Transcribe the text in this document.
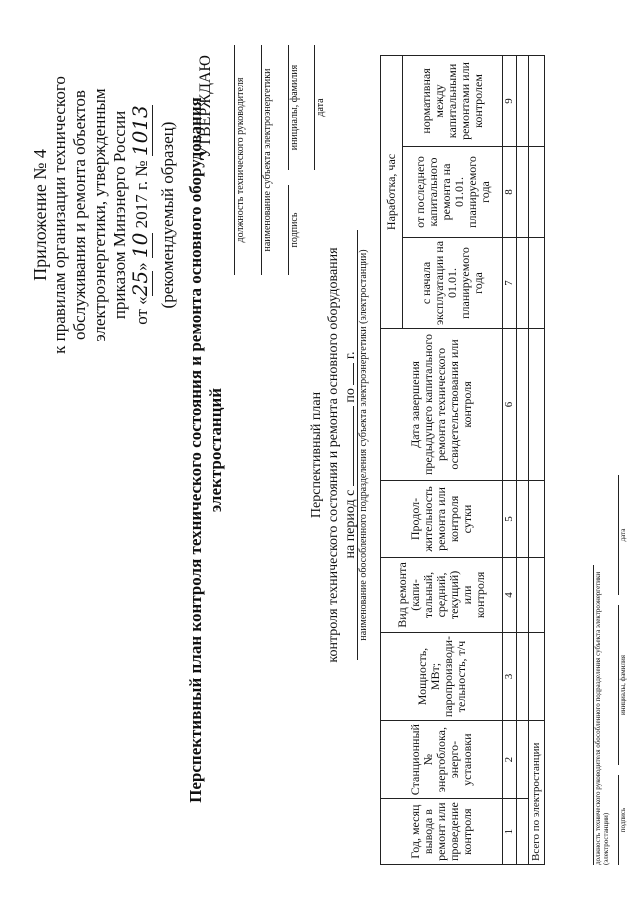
Приложение № 4 к правилам организации технического обслуживания и ремонта объектов электроэнергетики, утвержденным приказом Минэнерго России от «25» 10 2017 г. № 1013 (рекомендуемый образец) Перспективный план контроля технического состояния и ремонта основного оборудования электростанций
УТВЕРЖДАЮ должность технического руководителя наименование субъекта электроэнергетики подпись
инициалы, фамилия дата
Перспективный план контроля технического состояния и ремонта основного оборудования на период с  по  г. наименование обособленного подразделения субъекта электроэнергетики (электростанции)
Год, месяц вывода в ремонт или проведение контроля	Станционный № энергоблока, энерго- установки	Мощность, МВт; паропроизводи- тельность, т/ч	Вид ремонта (капи- тальный, средний, текущий) или контроля	Продол- жительность ремонта или контроля сутки	Дата завершения предыдущего капитального ремонта технического освидетельствования или контроля	Наработка, час		
						с начала эксплуатации на 01.01. планируемого года	от последнего капитального ремонта на 01.01. планируемого года	нормативная между капитальными ремонтами или контролем
1	2	3	4	5	6	7	8	9

Всего по электростанции									должность технического руководителя обособленного подразделения субъекта электроэнергетики (электростанции) подпись
инициалы, фамилия
дата
